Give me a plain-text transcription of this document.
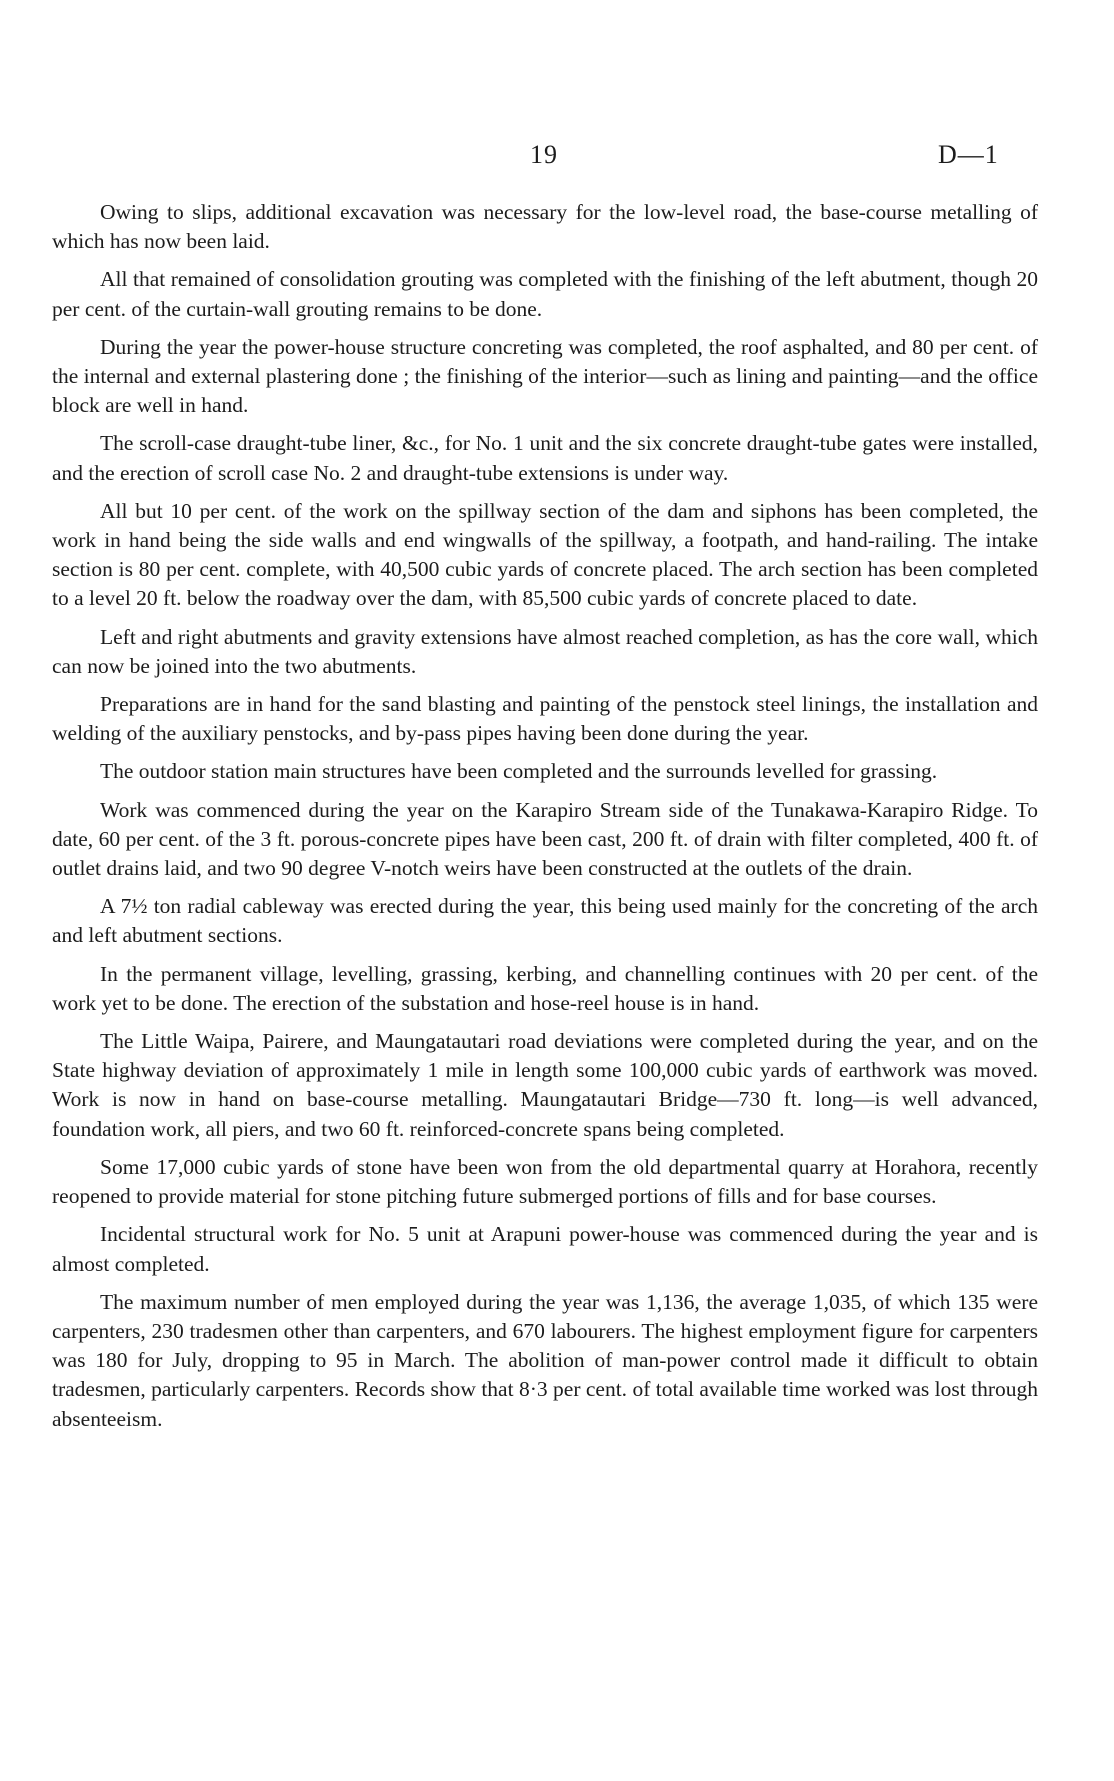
19	D—1

Owing to slips, additional excavation was necessary for the low-level road, the base-course metalling of which has now been laid.

All that remained of consolidation grouting was completed with the finishing of the left abutment, though 20 per cent. of the curtain-wall grouting remains to be done.

During the year the power-house structure concreting was completed, the roof asphalted, and 80 per cent. of the internal and external plastering done ; the finishing of the interior—such as lining and painting—and the office block are well in hand.

The scroll-case draught-tube liner, &c., for No. 1 unit and the six concrete draught-tube gates were installed, and the erection of scroll case No. 2 and draught-tube extensions is under way.

All but 10 per cent. of the work on the spillway section of the dam and siphons has been completed, the work in hand being the side walls and end wingwalls of the spillway, a footpath, and hand-railing. The intake section is 80 per cent. complete, with 40,500 cubic yards of concrete placed. The arch section has been completed to a level 20 ft. below the roadway over the dam, with 85,500 cubic yards of concrete placed to date.

Left and right abutments and gravity extensions have almost reached completion, as has the core wall, which can now be joined into the two abutments.

Preparations are in hand for the sand blasting and painting of the penstock steel linings, the installation and welding of the auxiliary penstocks, and by-pass pipes having been done during the year.

The outdoor station main structures have been completed and the surrounds levelled for grassing.

Work was commenced during the year on the Karapiro Stream side of the Tunakawa-Karapiro Ridge. To date, 60 per cent. of the 3 ft. porous-concrete pipes have been cast, 200 ft. of drain with filter completed, 400 ft. of outlet drains laid, and two 90 degree V-notch weirs have been constructed at the outlets of the drain.

A 7½ ton radial cableway was erected during the year, this being used mainly for the concreting of the arch and left abutment sections.

In the permanent village, levelling, grassing, kerbing, and channelling continues with 20 per cent. of the work yet to be done. The erection of the substation and hose-reel house is in hand.

The Little Waipa, Pairere, and Maungatautari road deviations were completed during the year, and on the State highway deviation of approximately 1 mile in length some 100,000 cubic yards of earthwork was moved. Work is now in hand on base-course metalling. Maungatautari Bridge—730 ft. long—is well advanced, foundation work, all piers, and two 60 ft. reinforced-concrete spans being completed.

Some 17,000 cubic yards of stone have been won from the old departmental quarry at Horahora, recently reopened to provide material for stone pitching future submerged portions of fills and for base courses.

Incidental structural work for No. 5 unit at Arapuni power-house was commenced during the year and is almost completed.

The maximum number of men employed during the year was 1,136, the average 1,035, of which 135 were carpenters, 230 tradesmen other than carpenters, and 670 labourers. The highest employment figure for carpenters was 180 for July, dropping to 95 in March. The abolition of man-power control made it difficult to obtain tradesmen, particularly carpenters. Records show that 8·3 per cent. of total available time worked was lost through absenteeism.
